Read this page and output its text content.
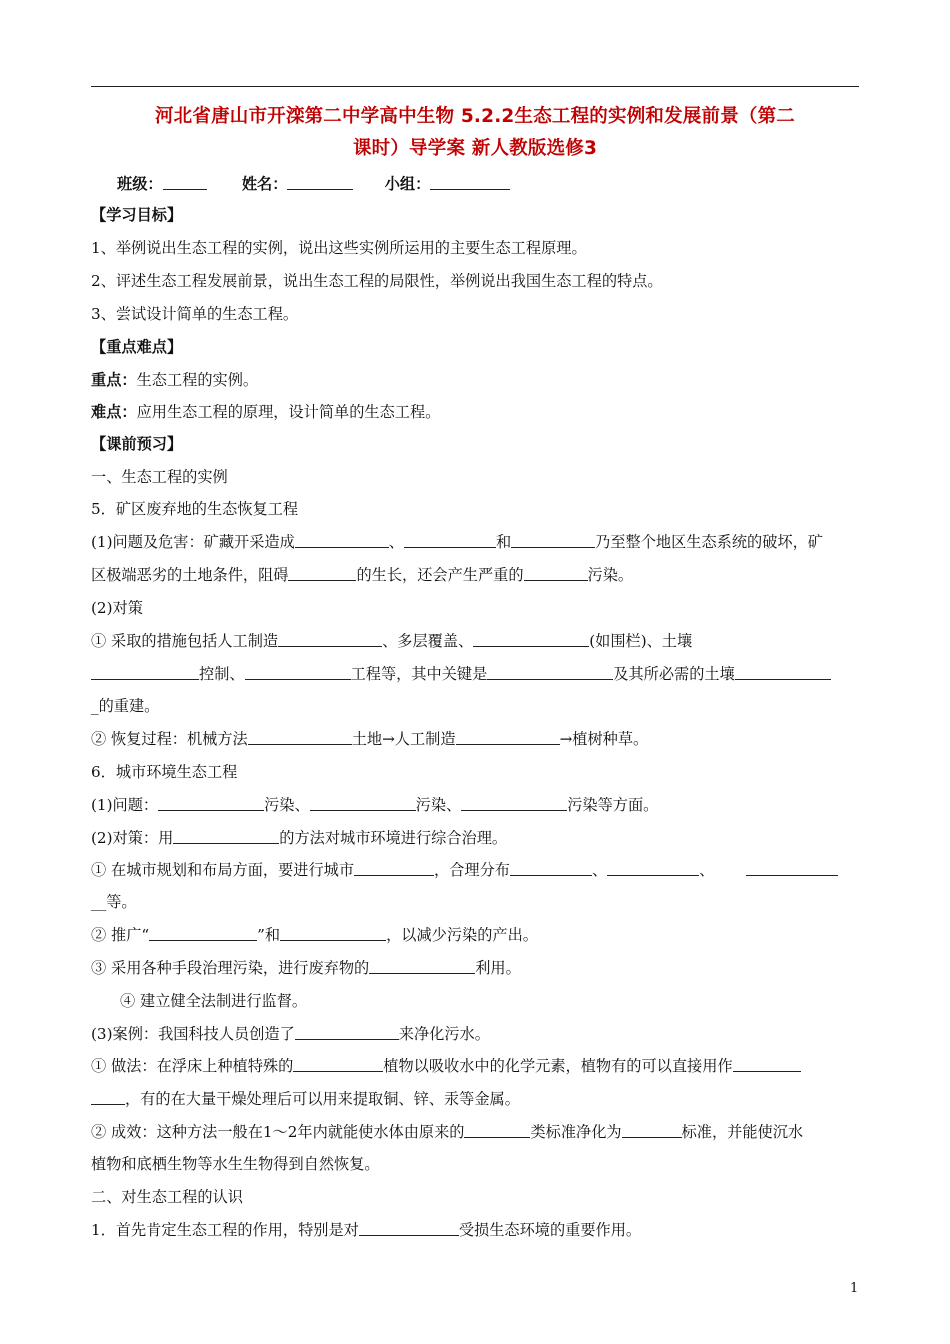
河北省唐山市开滦第二中学高中生物 5.2.2生态工程的实例和发展前景（第二
课时）导学案 新人教版选修3
班级：	姓名：	小组：
【学习目标】
1、举例说出生态工程的实例，说出这些实例所运用的主要生态工程原理。
2、评述生态工程发展前景，说出生态工程的局限性，举例说出我国生态工程的特点。
3、尝试设计简单的生态工程。
【重点难点】
重点：生态工程的实例。
难点：应用生态工程的原理，设计简单的生态工程。
【课前预习】
一、生态工程的实例
5．矿区废弃地的生态恢复工程
(1)问题及危害：矿藏开采造成	、	和	乃至整个地区生态系统的破坏，矿
区极端恶劣的土地条件，阻碍	的生长，还会产生严重的	污染。
(2)对策
① 采取的措施包括人工制造	、多层覆盖、	(如围栏)、土壤
控制、	工程等，其中关键是	及其所必需的土壤
_的重建。
② 恢复过程：机械方法	土地→人工制造	→植树种草。
6．城市环境生态工程
(1)问题：	污染、	污染、	污染等方面。
(2)对策：用	的方法对城市环境进行综合治理。
① 在城市规划和布局方面，要进行城市	，合理分布	、	、
__等。
② 推广“	”和	，以减少污染的产出。
③ 采用各种手段治理污染，进行废弃物的	利用。
④ 建立健全法制进行监督。
(3)案例：我国科技人员创造了	来净化污水。
① 做法：在浮床上种植特殊的	植物以吸收水中的化学元素，植物有的可以直接用作
，有的在大量干燥处理后可以用来提取铜、锌、汞等金属。
② 成效：这种方法一般在1～2年内就能使水体由原来的	类标准净化为	标准，并能使沉水
植物和底栖生物等水生生物得到自然恢复。
二、对生态工程的认识
1．首先肯定生态工程的作用，特别是对	受损生态环境的重要作用。
1
